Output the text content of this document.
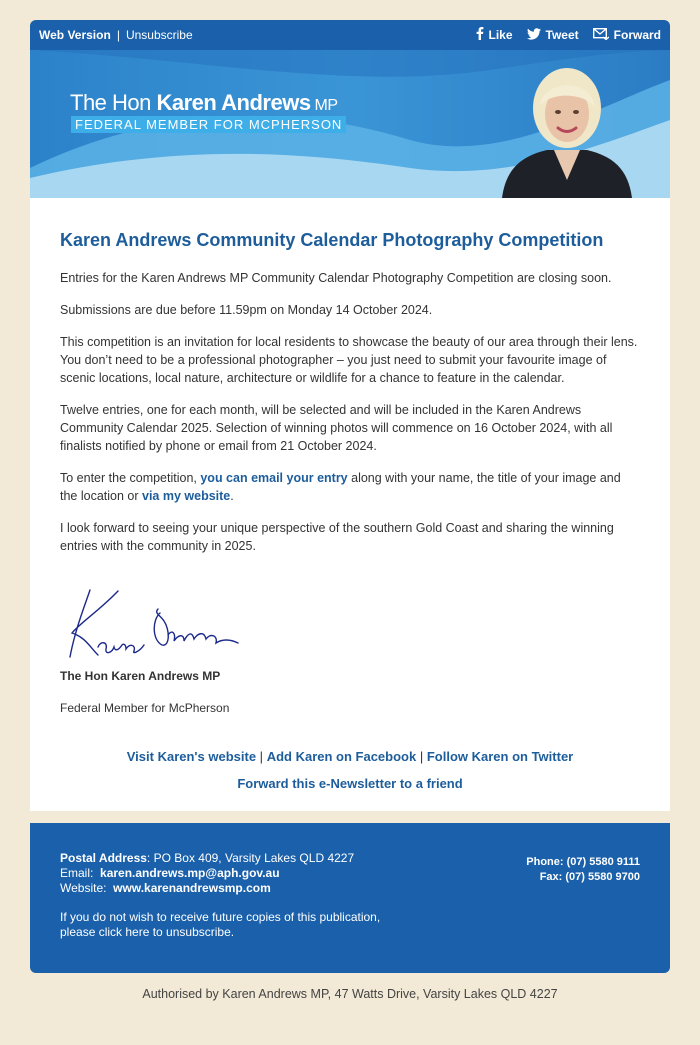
Web Version | Unsubscribe	Like	Tweet	Forward
The Hon Karen Andrews MP
FEDERAL MEMBER FOR MCPHERSON
Karen Andrews Community Calendar Photography Competition

Entries for the Karen Andrews MP Community Calendar Photography Competition are closing soon.

Submissions are due before 11.59pm on Monday 14 October 2024.

This competition is an invitation for local residents to showcase the beauty of our area through their lens. You don’t need to be a professional photographer – you just need to submit your favourite image of scenic locations, local nature, architecture or wildlife for a chance to feature in the calendar.

Twelve entries, one for each month, will be selected and will be included in the Karen Andrews Community Calendar 2025. Selection of winning photos will commence on 16 October 2024, with all finalists notified by phone or email from 21 October 2024.

To enter the competition, you can email your entry along with your name, the title of your image and the location or via my website.

I look forward to seeing your unique perspective of the southern Gold Coast and sharing the winning entries with the community in 2025.

The Hon Karen Andrews MP
Federal Member for McPherson
Visit Karen's website | Add Karen on Facebook | Follow Karen on Twitter
Forward this e-Newsletter to a friend
Postal Address: PO Box 409, Varsity Lakes QLD 4227
Email: karen.andrews.mp@aph.gov.au
Website: www.karenandrewsmp.com
If you do not wish to receive future copies of this publication,
please click here to unsubscribe.
Phone: (07) 5580 9111
Fax: (07) 5580 9700
Authorised by Karen Andrews MP, 47 Watts Drive, Varsity Lakes QLD 4227
